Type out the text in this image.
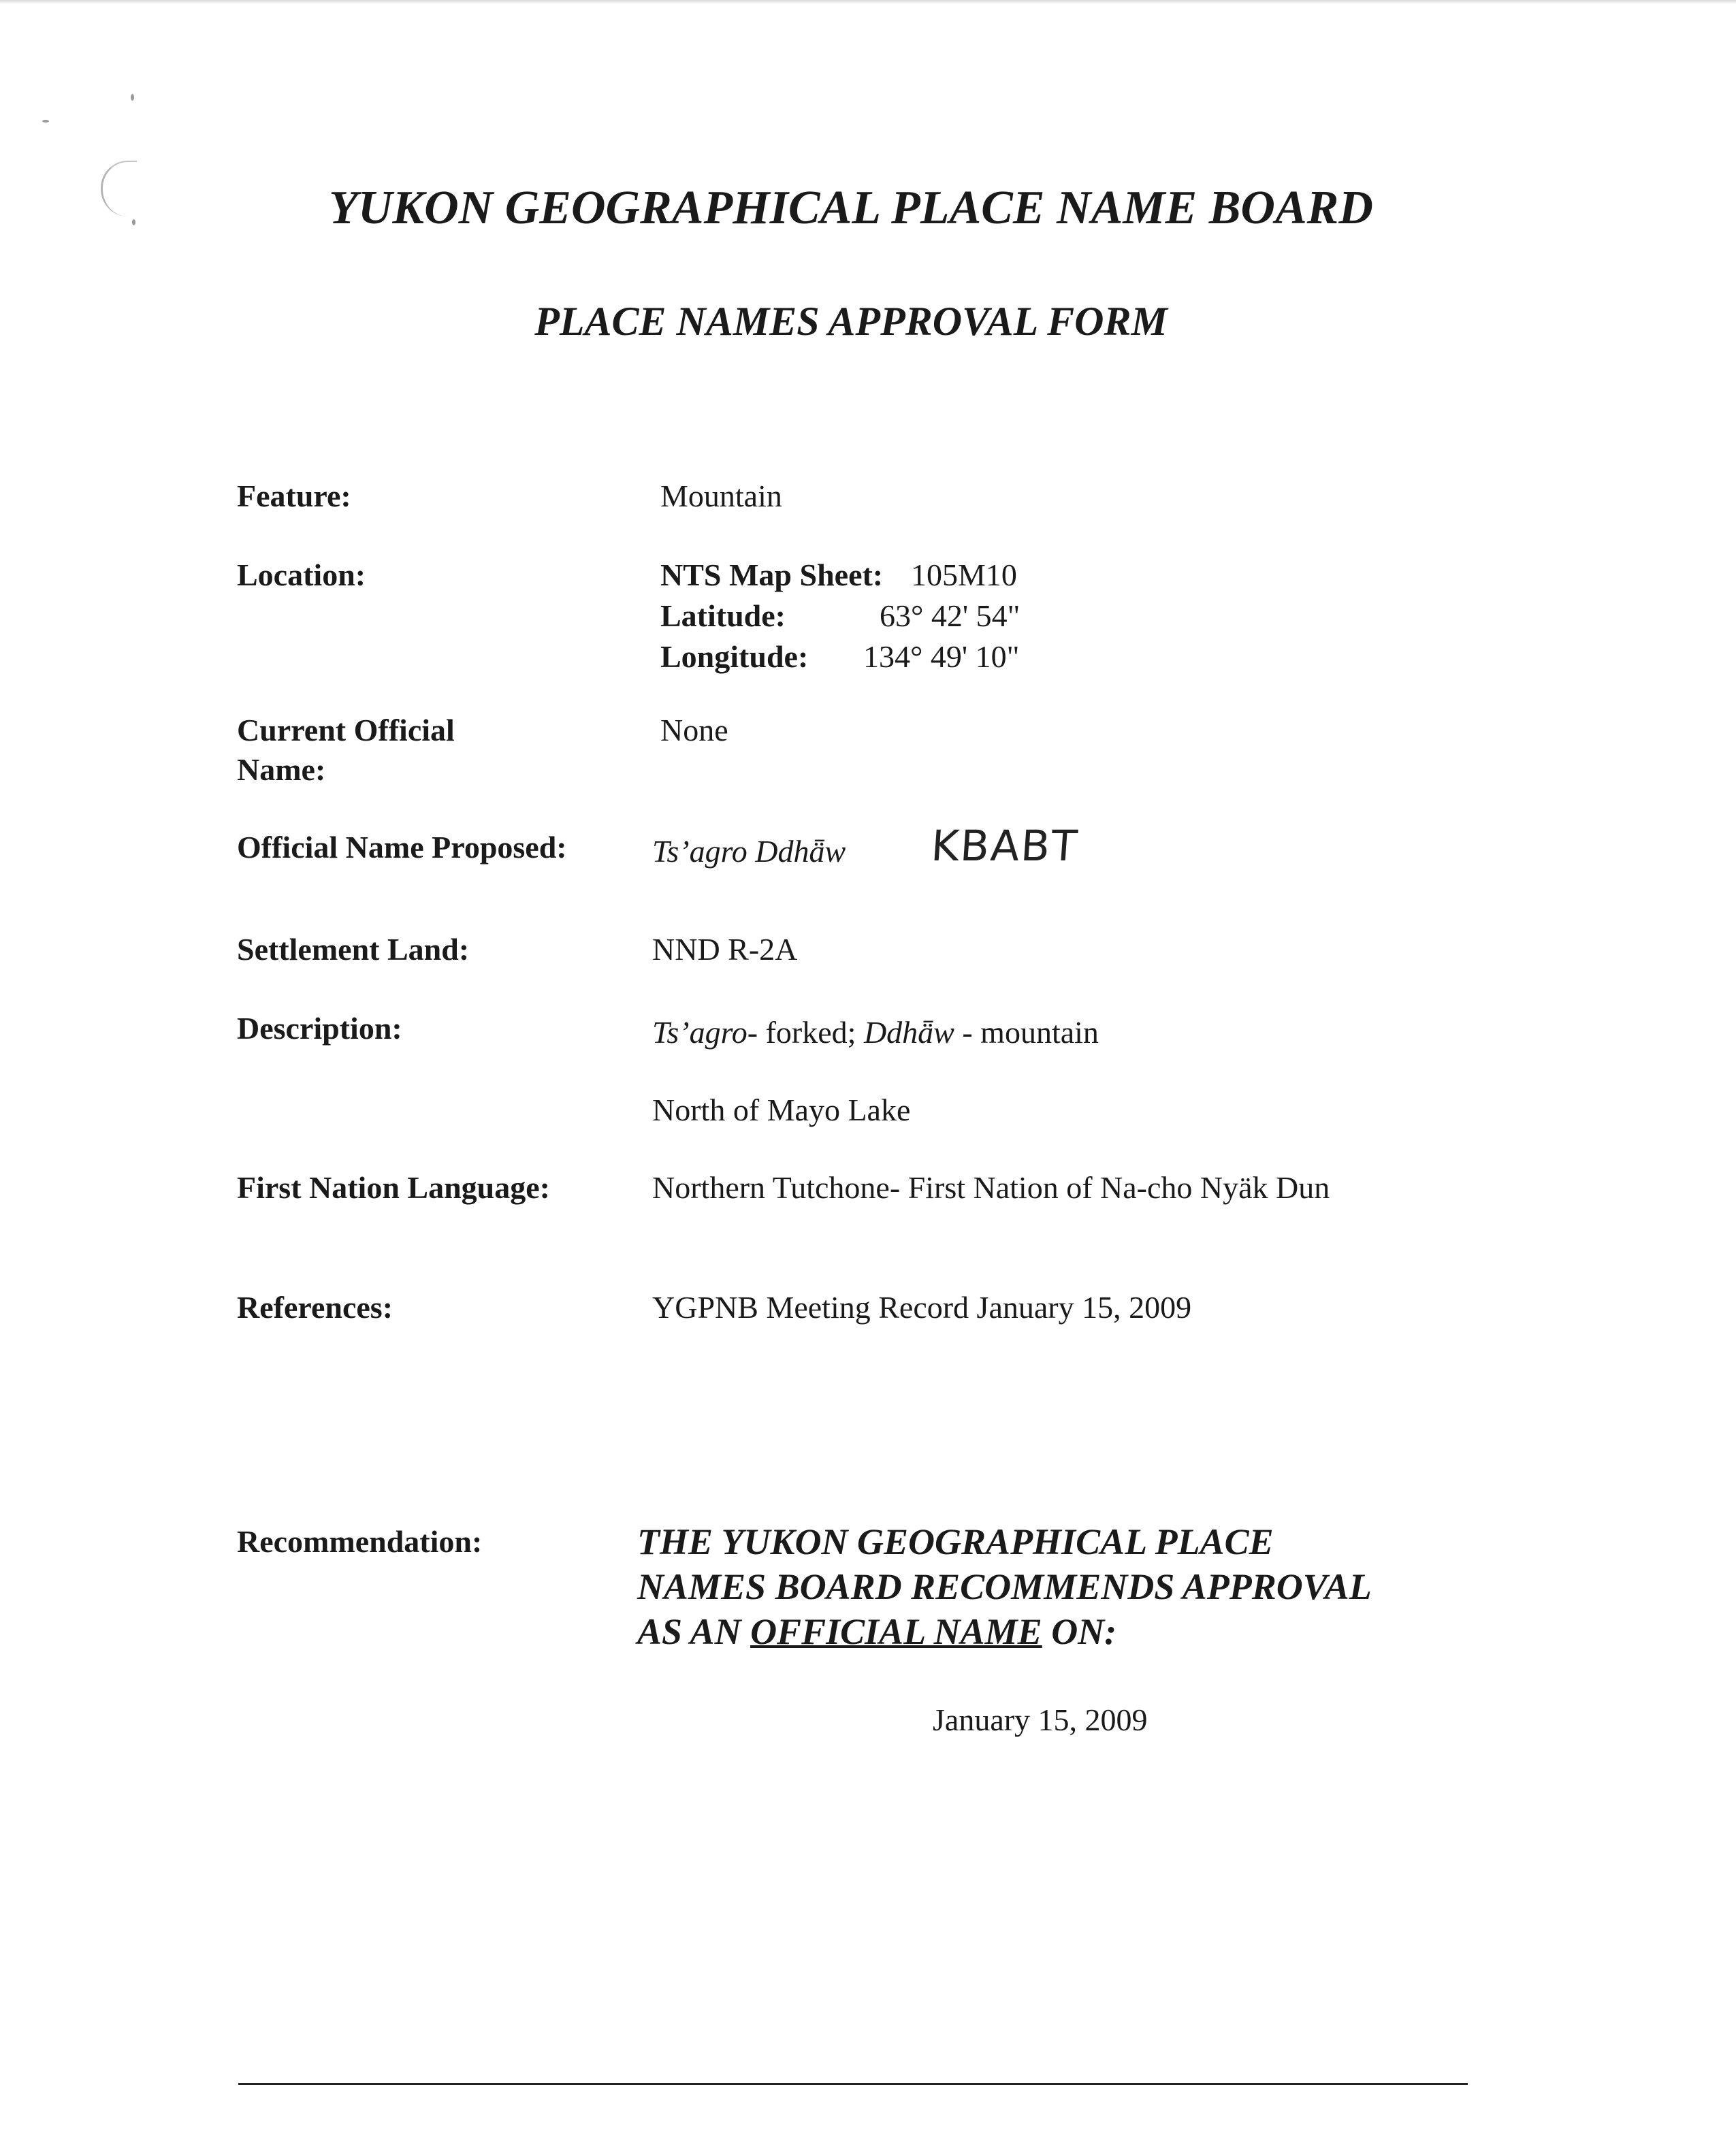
YUKON GEOGRAPHICAL PLACE NAME BOARD
PLACE NAMES APPROVAL FORM
Feature:	Mountain
Location:	NTS Map Sheet: 105M10
Latitude:	63° 42' 54"
Longitude: 134° 49' 10"
Current Official
Name:
None
Official Name Proposed:	Ts’agro Ddhǟw KBABT
Settlement Land:	NND R-2A
Description:	Ts’agro- forked; Ddhǟw - mountain
North of Mayo Lake
First Nation Language:	Northern Tutchone- First Nation of Na-cho Nyäk Dun
References:	YGPNB Meeting Record January 15, 2009
Recommendation:	THE YUKON GEOGRAPHICAL PLACE
NAMES BOARD RECOMMENDS APPROVAL
AS AN OFFICIAL NAME ON:
January 15, 2009
